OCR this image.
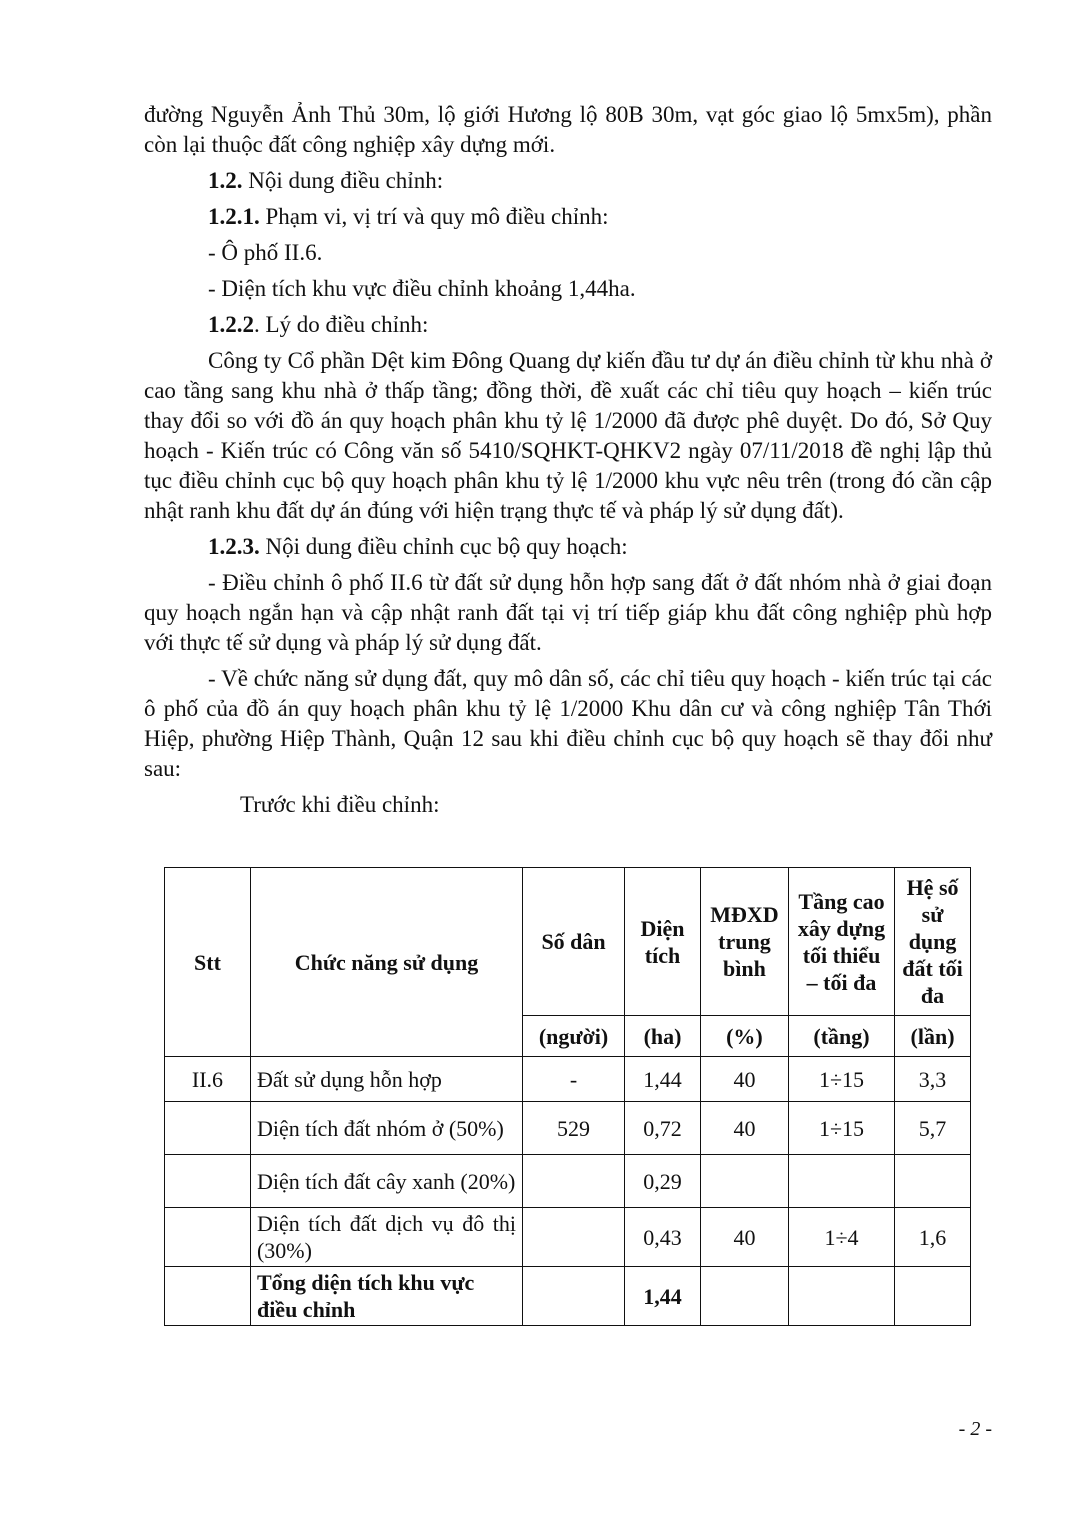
đường Nguyễn Ảnh Thủ 30m, lộ giới Hương lộ 80B 30m, vạt góc giao lộ 5mx5m), phần còn lại thuộc đất công nghiệp xây dựng mới.

1.2. Nội dung điều chỉnh:

1.2.1. Phạm vi, vị trí và quy mô điều chỉnh:

- Ô phố II.6.

- Diện tích khu vực điều chỉnh khoảng 1,44ha.

1.2.2. Lý do điều chỉnh:

Công ty Cổ phần Dệt kim Đông Quang dự kiến đầu tư dự án điều chỉnh từ khu nhà ở cao tầng sang khu nhà ở thấp tầng; đồng thời, đề xuất các chỉ tiêu quy hoạch – kiến trúc thay đổi so với đồ án quy hoạch phân khu tỷ lệ 1/2000 đã được phê duyệt. Do đó, Sở Quy hoạch - Kiến trúc có Công văn số 5410/SQHKT-QHKV2 ngày 07/11/2018 đề nghị lập thủ tục điều chỉnh cục bộ quy hoạch phân khu tỷ lệ 1/2000 khu vực nêu trên (trong đó cần cập nhật ranh khu đất dự án đúng với hiện trạng thực tế và pháp lý sử dụng đất).

1.2.3. Nội dung điều chỉnh cục bộ quy hoạch:

- Điều chỉnh ô phố II.6 từ đất sử dụng hỗn hợp sang đất ở đất nhóm nhà ở giai đoạn quy hoạch ngắn hạn và cập nhật ranh đất tại vị trí tiếp giáp khu đất công nghiệp phù hợp với thực tế sử dụng và pháp lý sử dụng đất.

- Về chức năng sử dụng đất, quy mô dân số, các chỉ tiêu quy hoạch - kiến trúc tại các ô phố của đồ án quy hoạch phân khu tỷ lệ 1/2000 Khu dân cư và công nghiệp Tân Thới Hiệp, phường Hiệp Thành, Quận 12 sau khi điều chỉnh cục bộ quy hoạch sẽ thay đổi như sau:

Trước khi điều chỉnh:

Stt	Chức năng sử dụng	Số dân	Diện tích	MĐXD trung bình	Tầng cao xây dựng tối thiểu – tối đa	Hệ số sử dụng đất tối đa
		(người)	(ha)	(%)	(tầng)	(lần)
II.6	Đất sử dụng hỗn hợp	-	1,44	40	1÷15	3,3
	Diện tích đất nhóm ở (50%)	529	0,72	40	1÷15	5,7
	Diện tích đất cây xanh (20%)		0,29			
	Diện tích đất dịch vụ đô thị (30%)		0,43	40	1÷4	1,6
	Tổng diện tích khu vực điều chỉnh		1,44			
- 2 -
